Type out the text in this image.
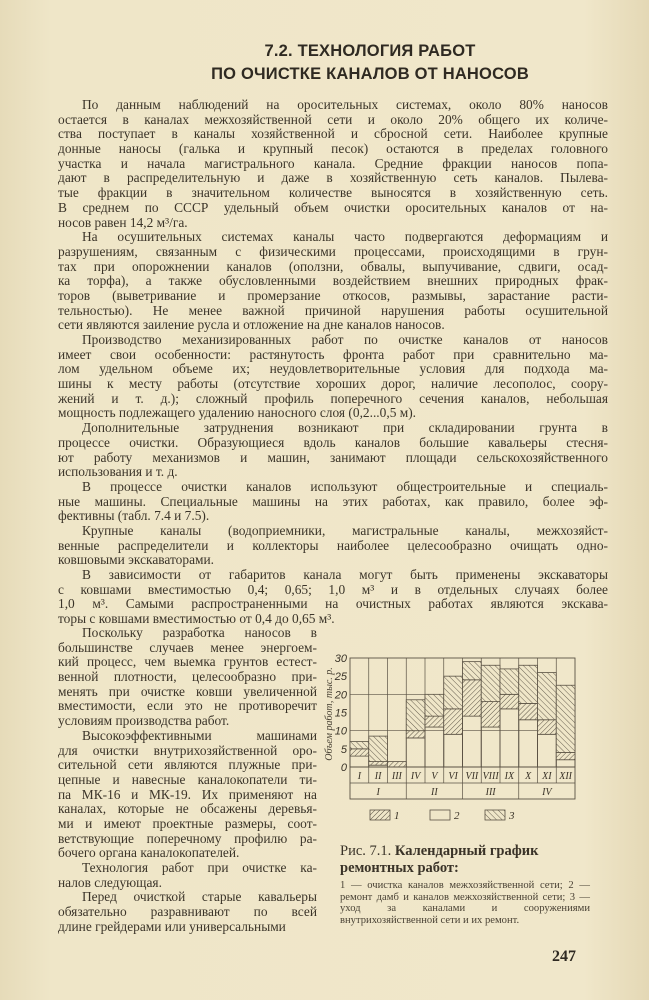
7.2. ТЕХНОЛОГИЯ РАБОТ
ПО ОЧИСТКЕ КАНАЛОВ ОТ НАНОСОВ
По данным наблюдений на оросительных системах, около 80% наносов
остается в каналах межхозяйственной сети и около 20% общего их количе-
ства поступает в каналы хозяйственной и сбросной сети. Наиболее крупные
донные наносы (галька и крупный песок) остаются в пределах головного
участка и начала магистрального канала. Средние фракции наносов попа-
дают в распределительную и даже в хозяйственную сеть каналов. Пылева-
тые фракции в значительном количестве выносятся в хозяйственную сеть.
В среднем по СССР удельный объем очистки оросительных каналов от на-
носов равен 14,2 м³/га.
На осушительных системах каналы часто подвергаются деформациям и
разрушениям, связанным с физическими процессами, происходящими в грун-
тах при опорожнении каналов (оползни, обвалы, выпучивание, сдвиги, осад-
ка торфа), а также обусловленными воздействием внешних природных фрак-
торов (выветривание и промерзание откосов, размывы, зарастание расти-
тельностью). Не менее важной причиной нарушения работы осушительной
сети являются заиление русла и отложение на дне каналов наносов.
Производство механизированных работ по очистке каналов от наносов
имеет свои особенности: растянутость фронта работ при сравнительно ма-
лом удельном объеме их; неудовлетворительные условия для подхода ма-
шины к месту работы (отсутствие хороших дорог, наличие лесополос, соору-
жений и т. д.); сложный профиль поперечного сечения каналов, небольшая
мощность подлежащего удалению наносного слоя (0,2...0,5 м).
Дополнительные затруднения возникают при складировании грунта в
процессе очистки. Образующиеся вдоль каналов большие кавальеры стесня-
ют работу механизмов и машин, занимают площади сельскохозяйственного
использования и т. д.
В процессе очистки каналов используют общестроительные и специаль-
ные машины. Специальные машины на этих работах, как правило, более эф-
фективны (табл. 7.4 и 7.5).
Крупные каналы (водоприемники, магистральные каналы, межхозяйст-
венные распределители и коллекторы наиболее целесообразно очищать одно-
ковшовыми экскаваторами.
В зависимости от габаритов канала могут быть применены экскаваторы
с ковшами вместимостью 0,4; 0,65; 1,0 м³ и в отдельных случаях более
1,0 м³. Самыми распространенными на очистных работах являются экскава-
торы с ковшами вместимостью от 0,4 до 0,65 м³.
Поскольку разработка наносов в
большинстве случаев менее энергоем-
кий процесс, чем выемка грунтов естест-
венной плотности, целесообразно при-
менять при очистке ковши увеличенной
вместимости, если это не противоречит
условиям производства работ.
Высокоэффективными машинами
для очистки внутрихозяйственной оро-
сительной сети являются плужные при-
цепные и навесные каналокопатели ти-
па МК-16 и МК-19. Их применяют на
каналах, которые не обсажены деревья-
ми и имеют проектные размеры, соот-
ветствующие поперечному профилю ра-
бочего органа каналокопателей.
Технология работ при очистке ка-
налов следующая.
Перед очисткой старые кавальеры
обязательно разравнивают по всей
длине грейдерами или универсальными
I II III IV V VI VII VIII IX X XI XII
I	II	III	IV
0
5
10
15
20
25
30
Объем работ, тыс. р.
1	2	3
Рис. 7.1. Календарный график ремонтных работ:
1 — очистка каналов межхозяйственной сети; 2 — ремонт дамб и каналов межхозяйственной сети; 3 — уход за каналами и сооружениями внутрихозяйственной сети и их ремонт.
247
